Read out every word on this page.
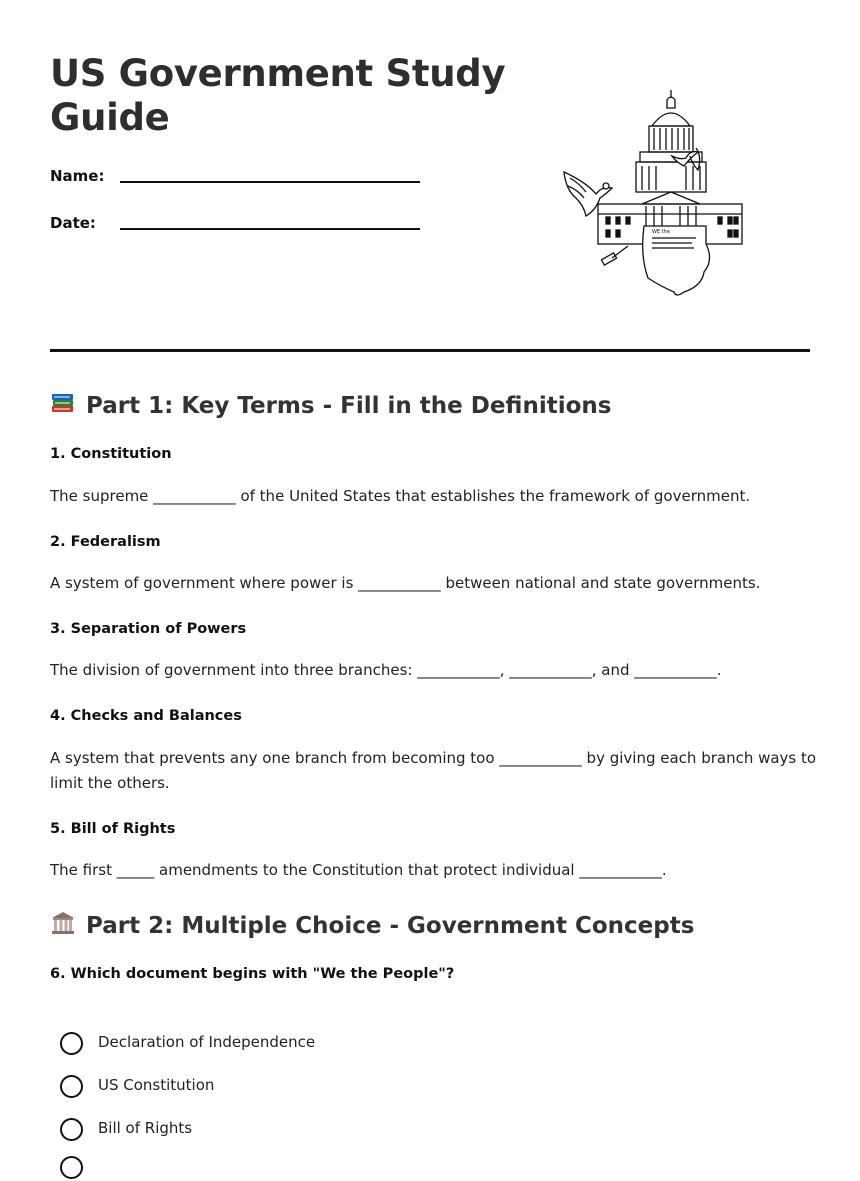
US Government Study Guide
Name:
Date:	WE the
Part 1: Key Terms - Fill in the Definitions
1. Constitution
The supreme ___________ of the United States that establishes the framework of government.
2. Federalism
A system of government where power is ___________ between national and state governments.
3. Separation of Powers
The division of government into three branches: ___________, ___________, and ___________.
4. Checks and Balances
A system that prevents any one branch from becoming too ___________ by giving each branch ways to limit the others.
5. Bill of Rights
The first _____ amendments to the Constitution that protect individual ___________.
Part 2: Multiple Choice - Government Concepts
6. Which document begins with "We the People"?
Declaration of Independence
US Constitution
Bill of Rights
